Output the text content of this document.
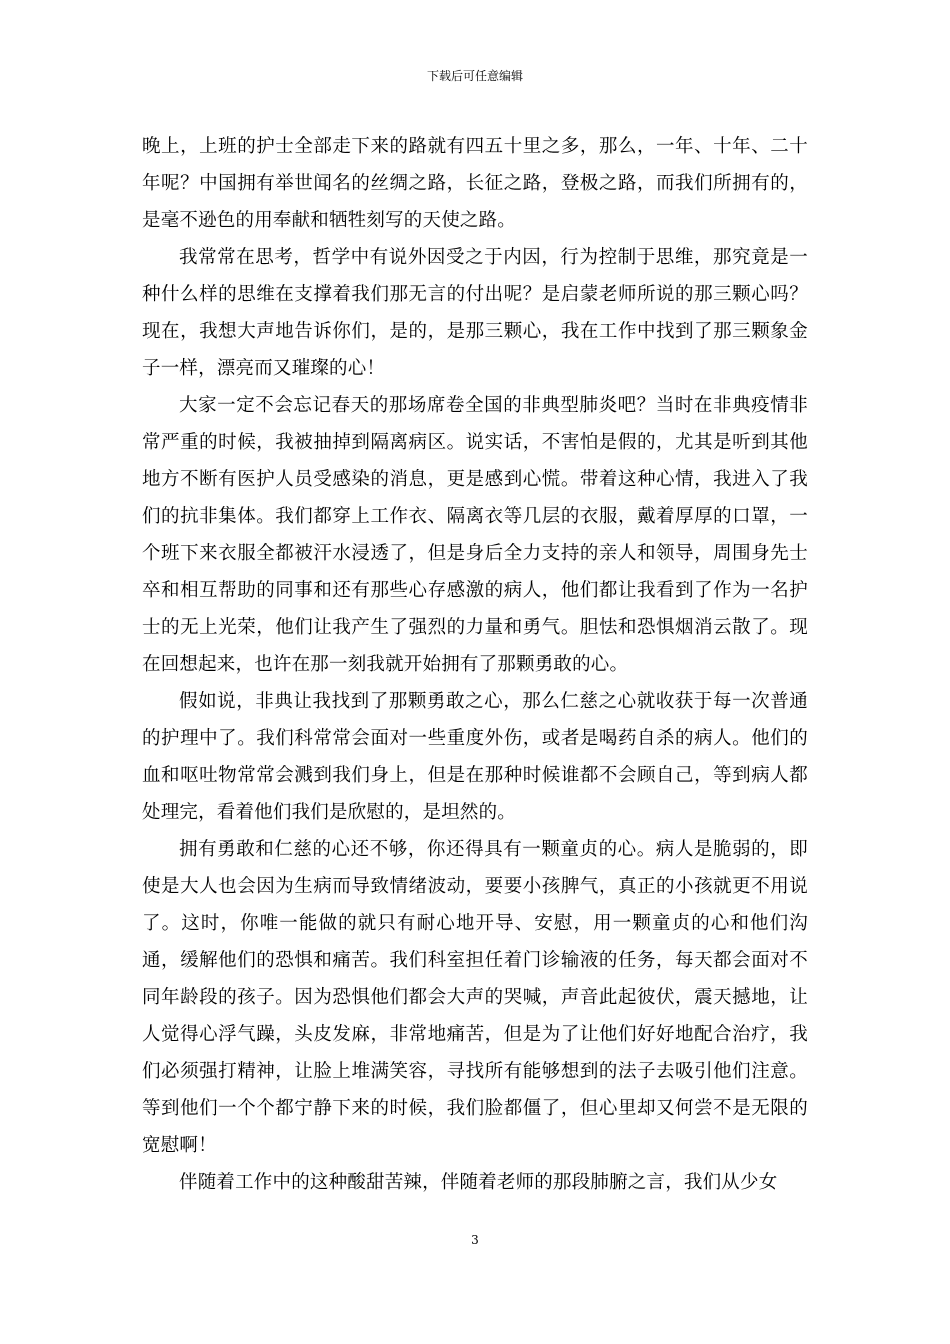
下载后可任意编辑

晚上，上班的护士全部走下来的路就有四五十里之多，那么，一年、十年、二十年呢？中国拥有举世闻名的丝绸之路，长征之路，登极之路，而我们所拥有的，是毫不逊色的用奉献和牺牲刻写的天使之路。

我常常在思考，哲学中有说外因受之于内因，行为控制于思维，那究竟是一种什么样的思维在支撑着我们那无言的付出呢？是启蒙老师所说的那三颗心吗？现在，我想大声地告诉你们，是的，是那三颗心，我在工作中找到了那三颗象金子一样，漂亮而又璀璨的心！

大家一定不会忘记春天的那场席卷全国的非典型肺炎吧？当时在非典疫情非常严重的时候，我被抽掉到隔离病区。说实话，不害怕是假的，尤其是听到其他地方不断有医护人员受感染的消息，更是感到心慌。带着这种心情，我进入了我们的抗非集体。我们都穿上工作衣、隔离衣等几层的衣服，戴着厚厚的口罩，一个班下来衣服全都被汗水浸透了，但是身后全力支持的亲人和领导，周围身先士卒和相互帮助的同事和还有那些心存感激的病人，他们都让我看到了作为一名护士的无上光荣，他们让我产生了强烈的力量和勇气。胆怯和恐惧烟消云散了。现在回想起来，也许在那一刻我就开始拥有了那颗勇敢的心。

假如说，非典让我找到了那颗勇敢之心，那么仁慈之心就收获于每一次普通的护理中了。我们科常常会面对一些重度外伤，或者是喝药自杀的病人。他们的血和呕吐物常常会溅到我们身上，但是在那种时候谁都不会顾自己，等到病人都处理完，看着他们我们是欣慰的，是坦然的。

拥有勇敢和仁慈的心还不够，你还得具有一颗童贞的心。病人是脆弱的，即使是大人也会因为生病而导致情绪波动，要要小孩脾气，真正的小孩就更不用说了。这时，你唯一能做的就只有耐心地开导、安慰，用一颗童贞的心和他们沟通，缓解他们的恐惧和痛苦。我们科室担任着门诊输液的任务，每天都会面对不同年龄段的孩子。因为恐惧他们都会大声的哭喊，声音此起彼伏，震天撼地，让人觉得心浮气躁，头皮发麻，非常地痛苦，但是为了让他们好好地配合治疗，我们必须强打精神，让脸上堆满笑容，寻找所有能够想到的法子去吸引他们注意。等到他们一个个都宁静下来的时候，我们脸都僵了，但心里却又何尝不是无限的宽慰啊！

伴随着工作中的这种酸甜苦辣，伴随着老师的那段肺腑之言，我们从少女

3
